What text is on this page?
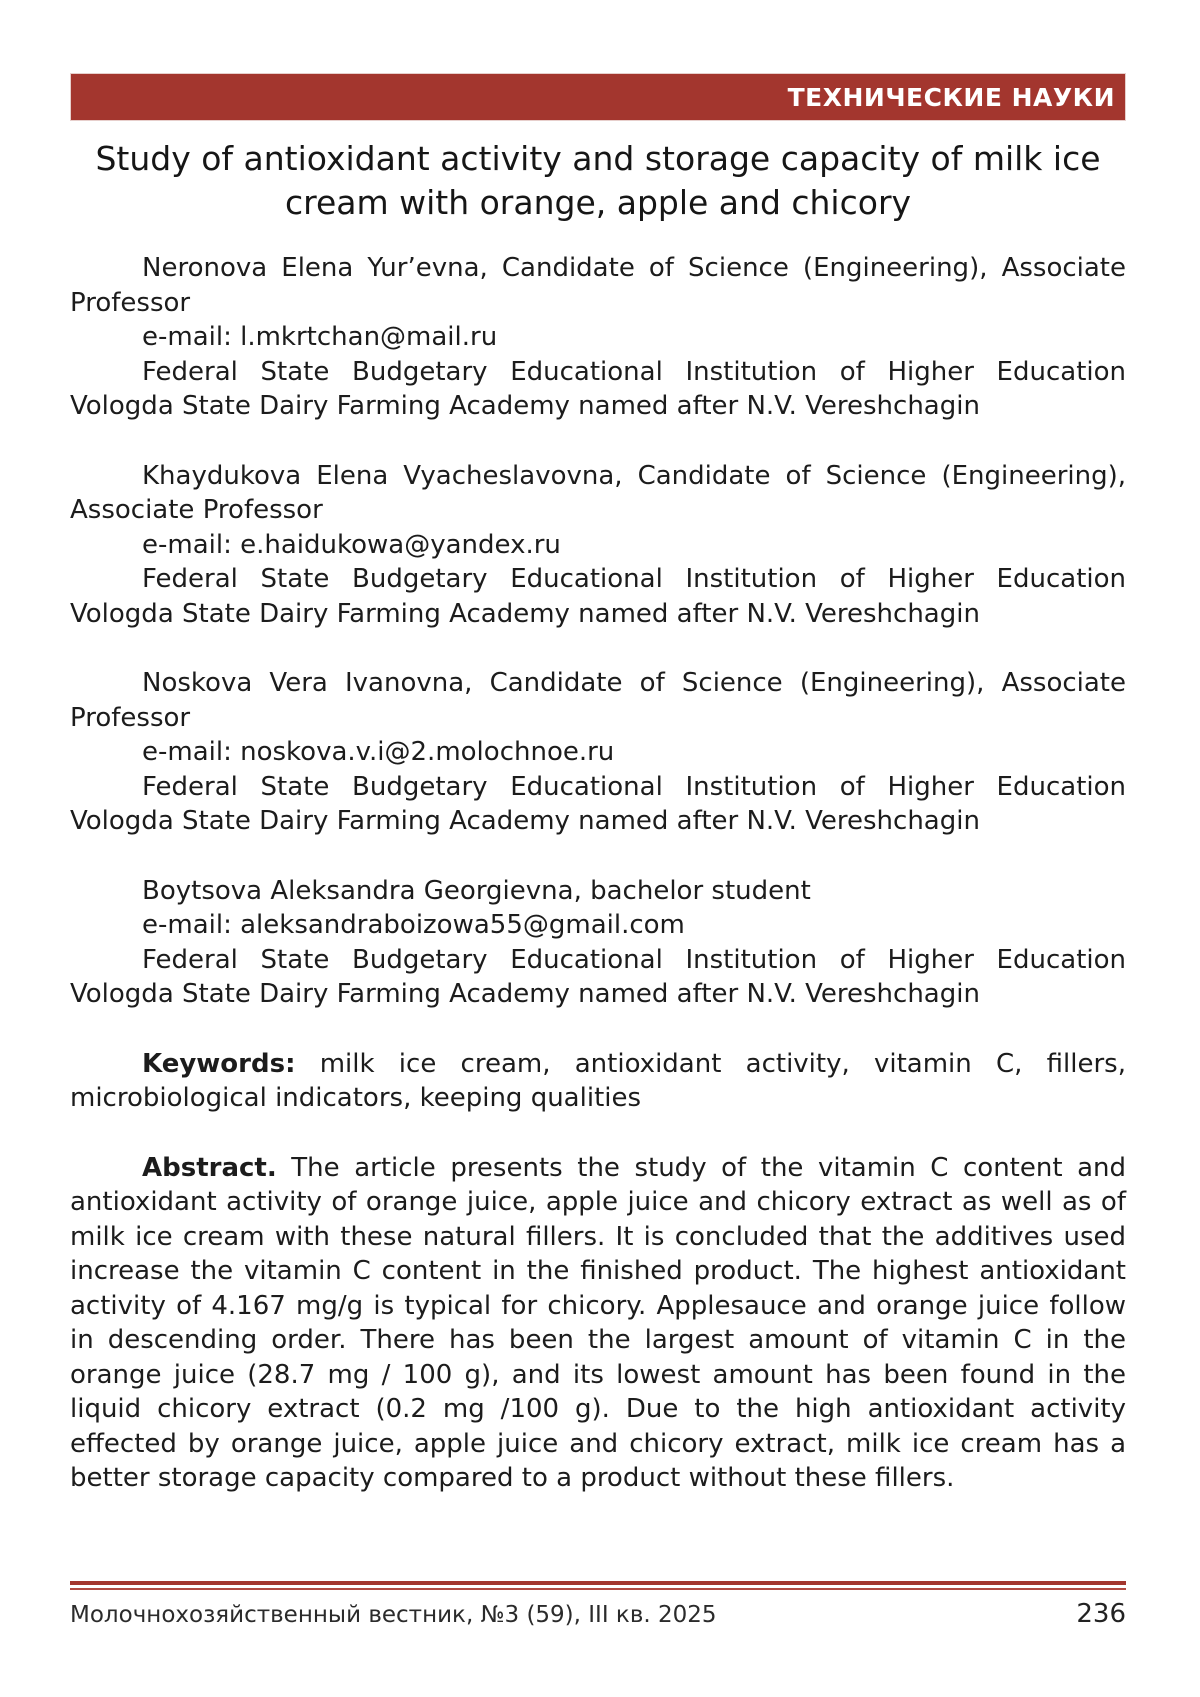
ТЕХНИЧЕСКИЕ НАУКИ
Study of antioxidant activity and storage capacity of milk ice cream with orange, apple and chicory

Neronova Elena Yur’evna, Candidate of Science (Engineering), Associate Professor

e-mail: l.mkrtchan@mail.ru

Federal State Budgetary Educational Institution of Higher Education Vologda State Dairy Farming Academy named after N.V. Vereshchagin

Khaydukova Elena Vyacheslavovna, Candidate of Science (Engineering), Associate Professor

e-mail: e.haidukowa@yandex.ru

Federal State Budgetary Educational Institution of Higher Education Vologda State Dairy Farming Academy named after N.V. Vereshchagin

Noskova Vera Ivanovna, Candidate of Science (Engineering), Associate Professor

e-mail: noskova.v.i@2.molochnoe.ru

Federal State Budgetary Educational Institution of Higher Education Vologda State Dairy Farming Academy named after N.V. Vereshchagin

Boytsova Aleksandra Georgievna, bachelor student

e-mail: aleksandraboizowa55@gmail.com

Federal State Budgetary Educational Institution of Higher Education Vologda State Dairy Farming Academy named after N.V. Vereshchagin

Keywords: milk ice cream, antioxidant activity, vitamin C, fillers, microbiological indicators, keeping qualities

Abstract. The article presents the study of the vitamin C content and antioxidant activity of orange juice, apple juice and chicory extract as well as of milk ice cream with these natural fillers. It is concluded that the additives used increase the vitamin C content in the finished product. The highest antioxidant activity of 4.167 mg/g is typical for chicory. Applesauce and orange juice follow in descending order. There has been the largest amount of vitamin C in the orange juice (28.7 mg / 100 g), and its lowest amount has been found in the liquid chicory extract (0.2 mg /100 g). Due to the high antioxidant activity effected by orange juice, apple juice and chicory extract, milk ice cream has a better storage capacity compared to a product without these fillers.

Молочнохозяйственный вестник, №3 (59), III кв. 2025	236
